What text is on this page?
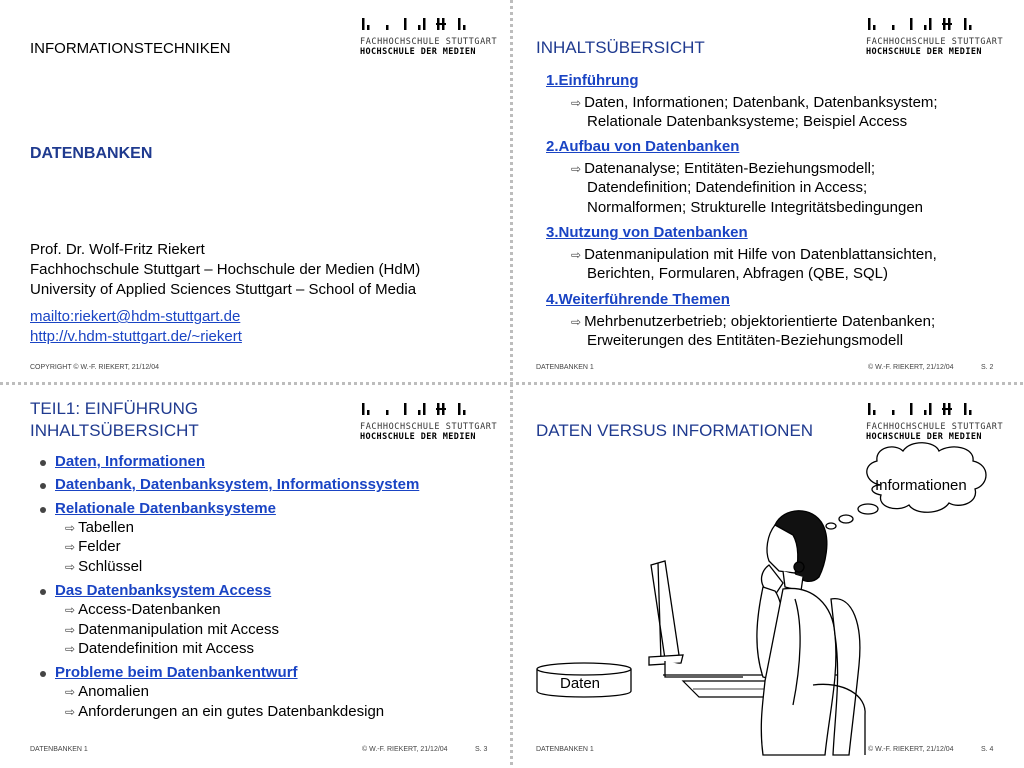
INFORMATIONSTECHNIKEN	FACHHOCHSCHULE STUTTGART
HOCHSCHULE DER MEDIEN
DATENBANKEN
Prof. Dr. Wolf-Fritz Riekert
Fachhochschule Stuttgart – Hochschule der Medien (HdM)
University of Applied Sciences Stuttgart – School of Media
mailto:riekert@hdm-stuttgart.de
http://v.hdm-stuttgart.de/~riekert
COPYRIGHT © W.-F. RIEKERT, 21/12/04
INHALTSÜBERSICHT	FACHHOCHSCHULE STUTTGART
HOCHSCHULE DER MEDIEN
1.Einführung
⇨ Daten, Informationen; Datenbank, Datenbanksystem;
Relationale Datenbanksysteme; Beispiel Access
2.Aufbau von Datenbanken
⇨ Datenanalyse; Entitäten-Beziehungsmodell;
Datendefinition; Datendefinition in Access;
Normalformen; Strukturelle Integritätsbedingungen
3.Nutzung von Datenbanken
⇨ Datenmanipulation mit Hilfe von Datenblattansichten,
Berichten, Formularen, Abfragen (QBE, SQL)
4.Weiterführende Themen
⇨ Mehrbenutzerbetrieb; objektorientierte Datenbanken;
Erweiterungen des Entitäten-Beziehungsmodell
DATENBANKEN 1	© W.-F. RIEKERT, 21/12/04	S. 2
TEIL1: EINFÜHRUNG
INHALTSÜBERSICHT	FACHHOCHSCHULE STUTTGART
HOCHSCHULE DER MEDIEN
Daten, Informationen
Datenbank, Datenbanksystem, Informationssystem
Relationale Datenbanksysteme
⇨ Tabellen
⇨ Felder
⇨ Schlüssel
Das Datenbanksystem Access
⇨ Access-Datenbanken
⇨ Datenmanipulation mit Access
⇨ Datendefinition mit Access
Probleme beim Datenbankentwurf
⇨ Anomalien
⇨ Anforderungen an ein gutes Datenbankdesign
DATENBANKEN 1	© W.-F. RIEKERT, 21/12/04	S. 3
DATEN VERSUS INFORMATIONEN	FACHHOCHSCHULE STUTTGART
HOCHSCHULE DER MEDIEN
Informationen
Daten
DATENBANKEN 1	© W.-F. RIEKERT, 21/12/04	S. 4
